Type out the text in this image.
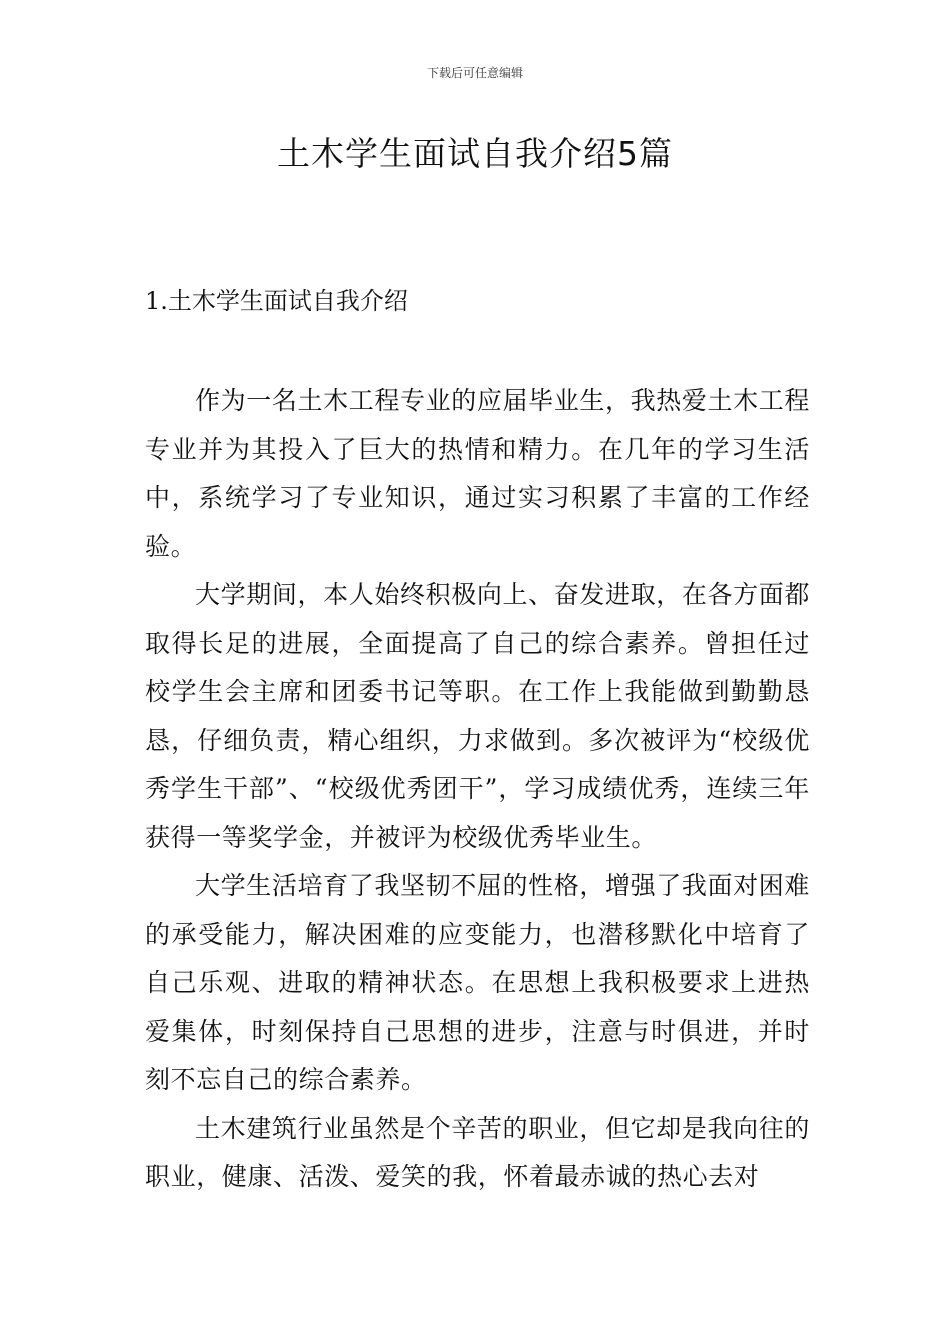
下载后可任意编辑
土木学生面试自我介绍5篇
1.土木学生面试自我介绍

作为一名土木工程专业的应届毕业生，我热爱土木工程专业并为其投入了巨大的热情和精力。在几年的学习生活中，系统学习了专业知识，通过实习积累了丰富的工作经验。

大学期间，本人始终积极向上、奋发进取，在各方面都取得长足的进展，全面提高了自己的综合素养。曾担任过校学生会主席和团委书记等职。在工作上我能做到勤勤恳恳，仔细负责，精心组织，力求做到。多次被评为“校级优秀学生干部”、“校级优秀团干”，学习成绩优秀，连续三年获得一等奖学金，并被评为校级优秀毕业生。

大学生活培育了我坚韧不屈的性格，增强了我面对困难的承受能力，解决困难的应变能力，也潜移默化中培育了自己乐观、进取的精神状态。在思想上我积极要求上进热爱集体，时刻保持自己思想的进步，注意与时俱进，并时刻不忘自己的综合素养。

土木建筑行业虽然是个辛苦的职业，但它却是我向往的职业，健康、活泼、爱笑的我，怀着最赤诚的热心去对
